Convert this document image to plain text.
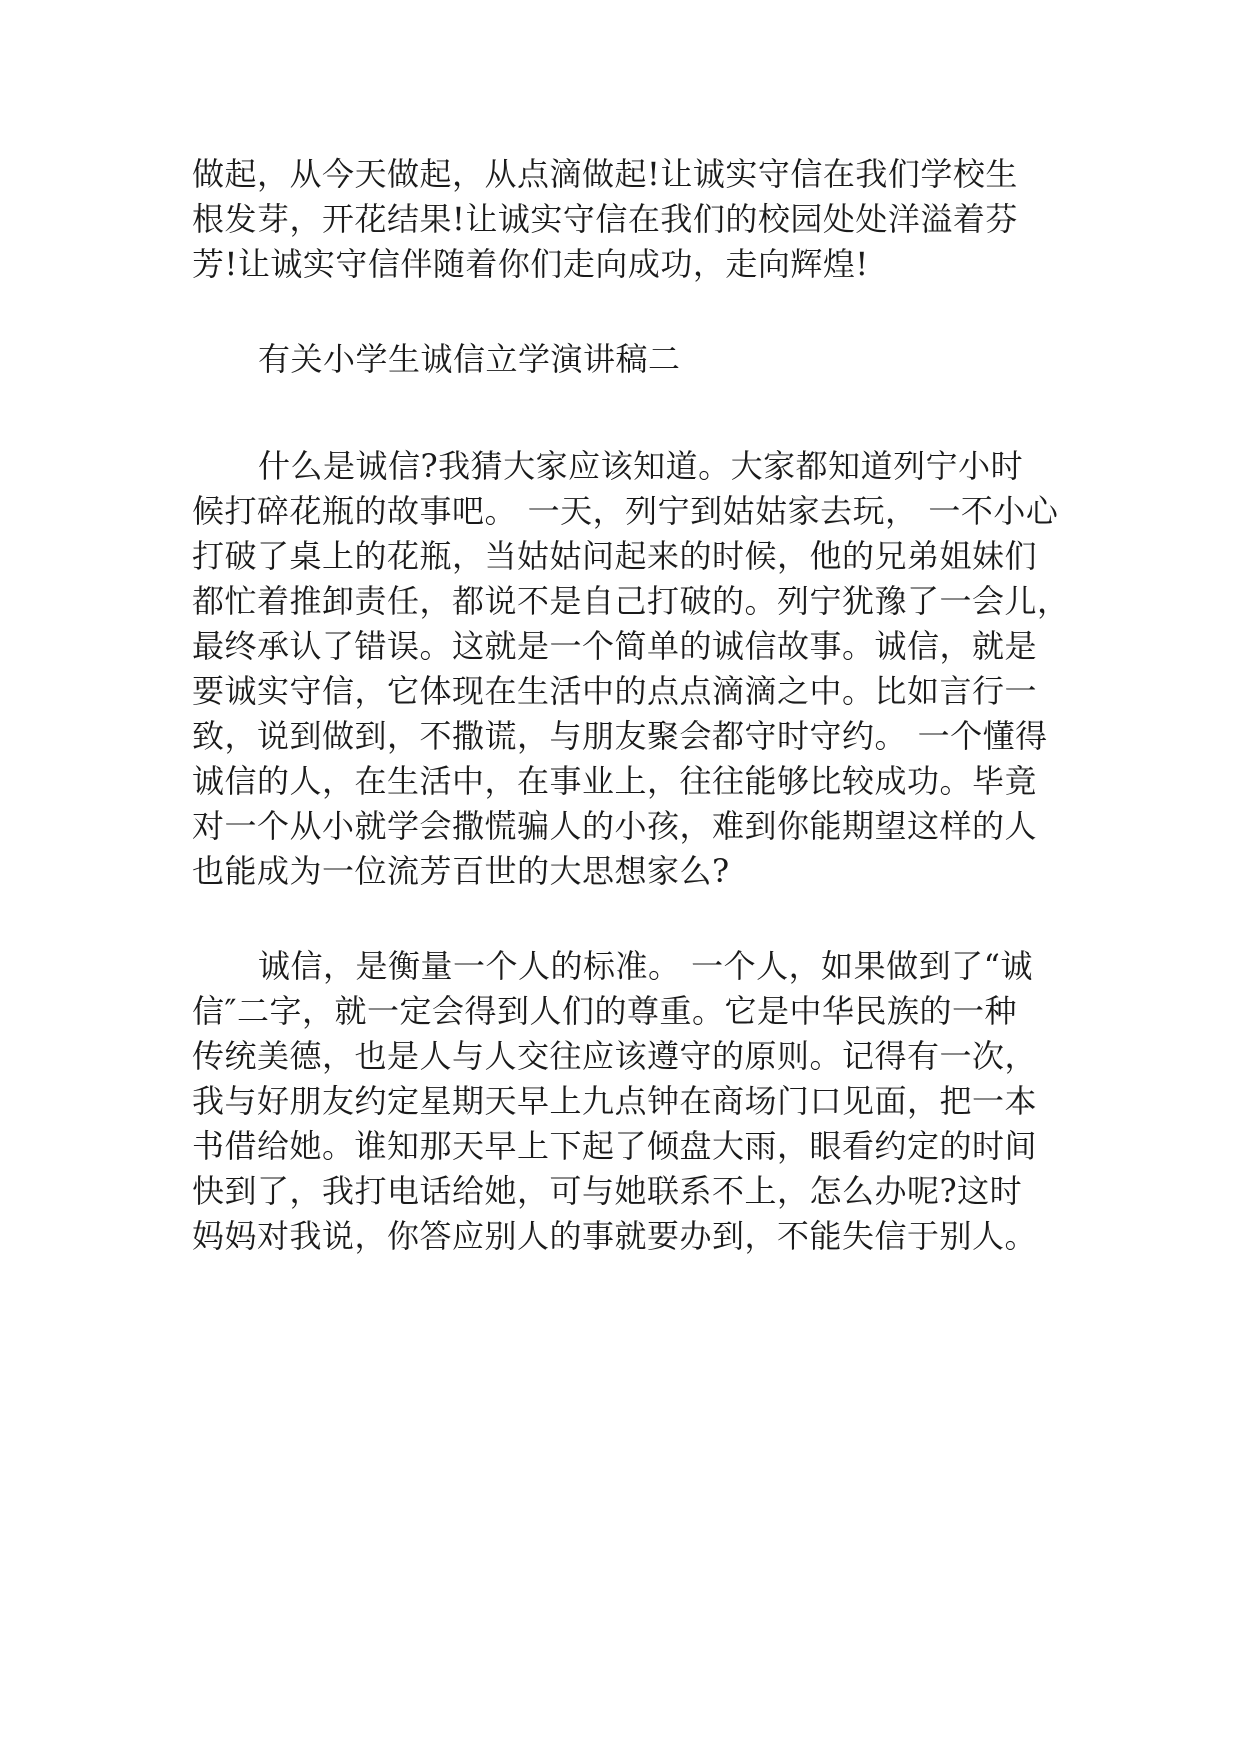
做起，从今天做起，从点滴做起!让诚实守信在我们学校生
根发芽，开花结果!让诚实守信在我们的校园处处洋溢着芬
芳!让诚实守信伴随着你们走向成功，走向辉煌!
有关小学生诚信立学演讲稿二
什么是诚信?我猜大家应该知道。大家都知道列宁小时
候打碎花瓶的故事吧。 一天，列宁到姑姑家去玩， 一不小心
打破了桌上的花瓶，当姑姑问起来的时候，他的兄弟姐妹们
都忙着推卸责任，都说不是自己打破的。列宁犹豫了一会儿，
最终承认了错误。这就是一个简单的诚信故事。诚信，就是
要诚实守信，它体现在生活中的点点滴滴之中。比如言行一
致，说到做到，不撒谎，与朋友聚会都守时守约。 一个懂得
诚信的人，在生活中，在事业上，往往能够比较成功。毕竟
对一个从小就学会撒慌骗人的小孩，难到你能期望这样的人
也能成为一位流芳百世的大思想家么?
诚信，是衡量一个人的标准。 一个人，如果做到了“诚
信″二字，就一定会得到人们的尊重。它是中华民族的一种
传统美德，也是人与人交往应该遵守的原则。记得有一次，
我与好朋友约定星期天早上九点钟在商场门口见面，把一本
书借给她。谁知那天早上下起了倾盘大雨，眼看约定的时间
快到了，我打电话给她，可与她联系不上，怎么办呢?这时
妈妈对我说，你答应别人的事就要办到，不能失信于别人。
